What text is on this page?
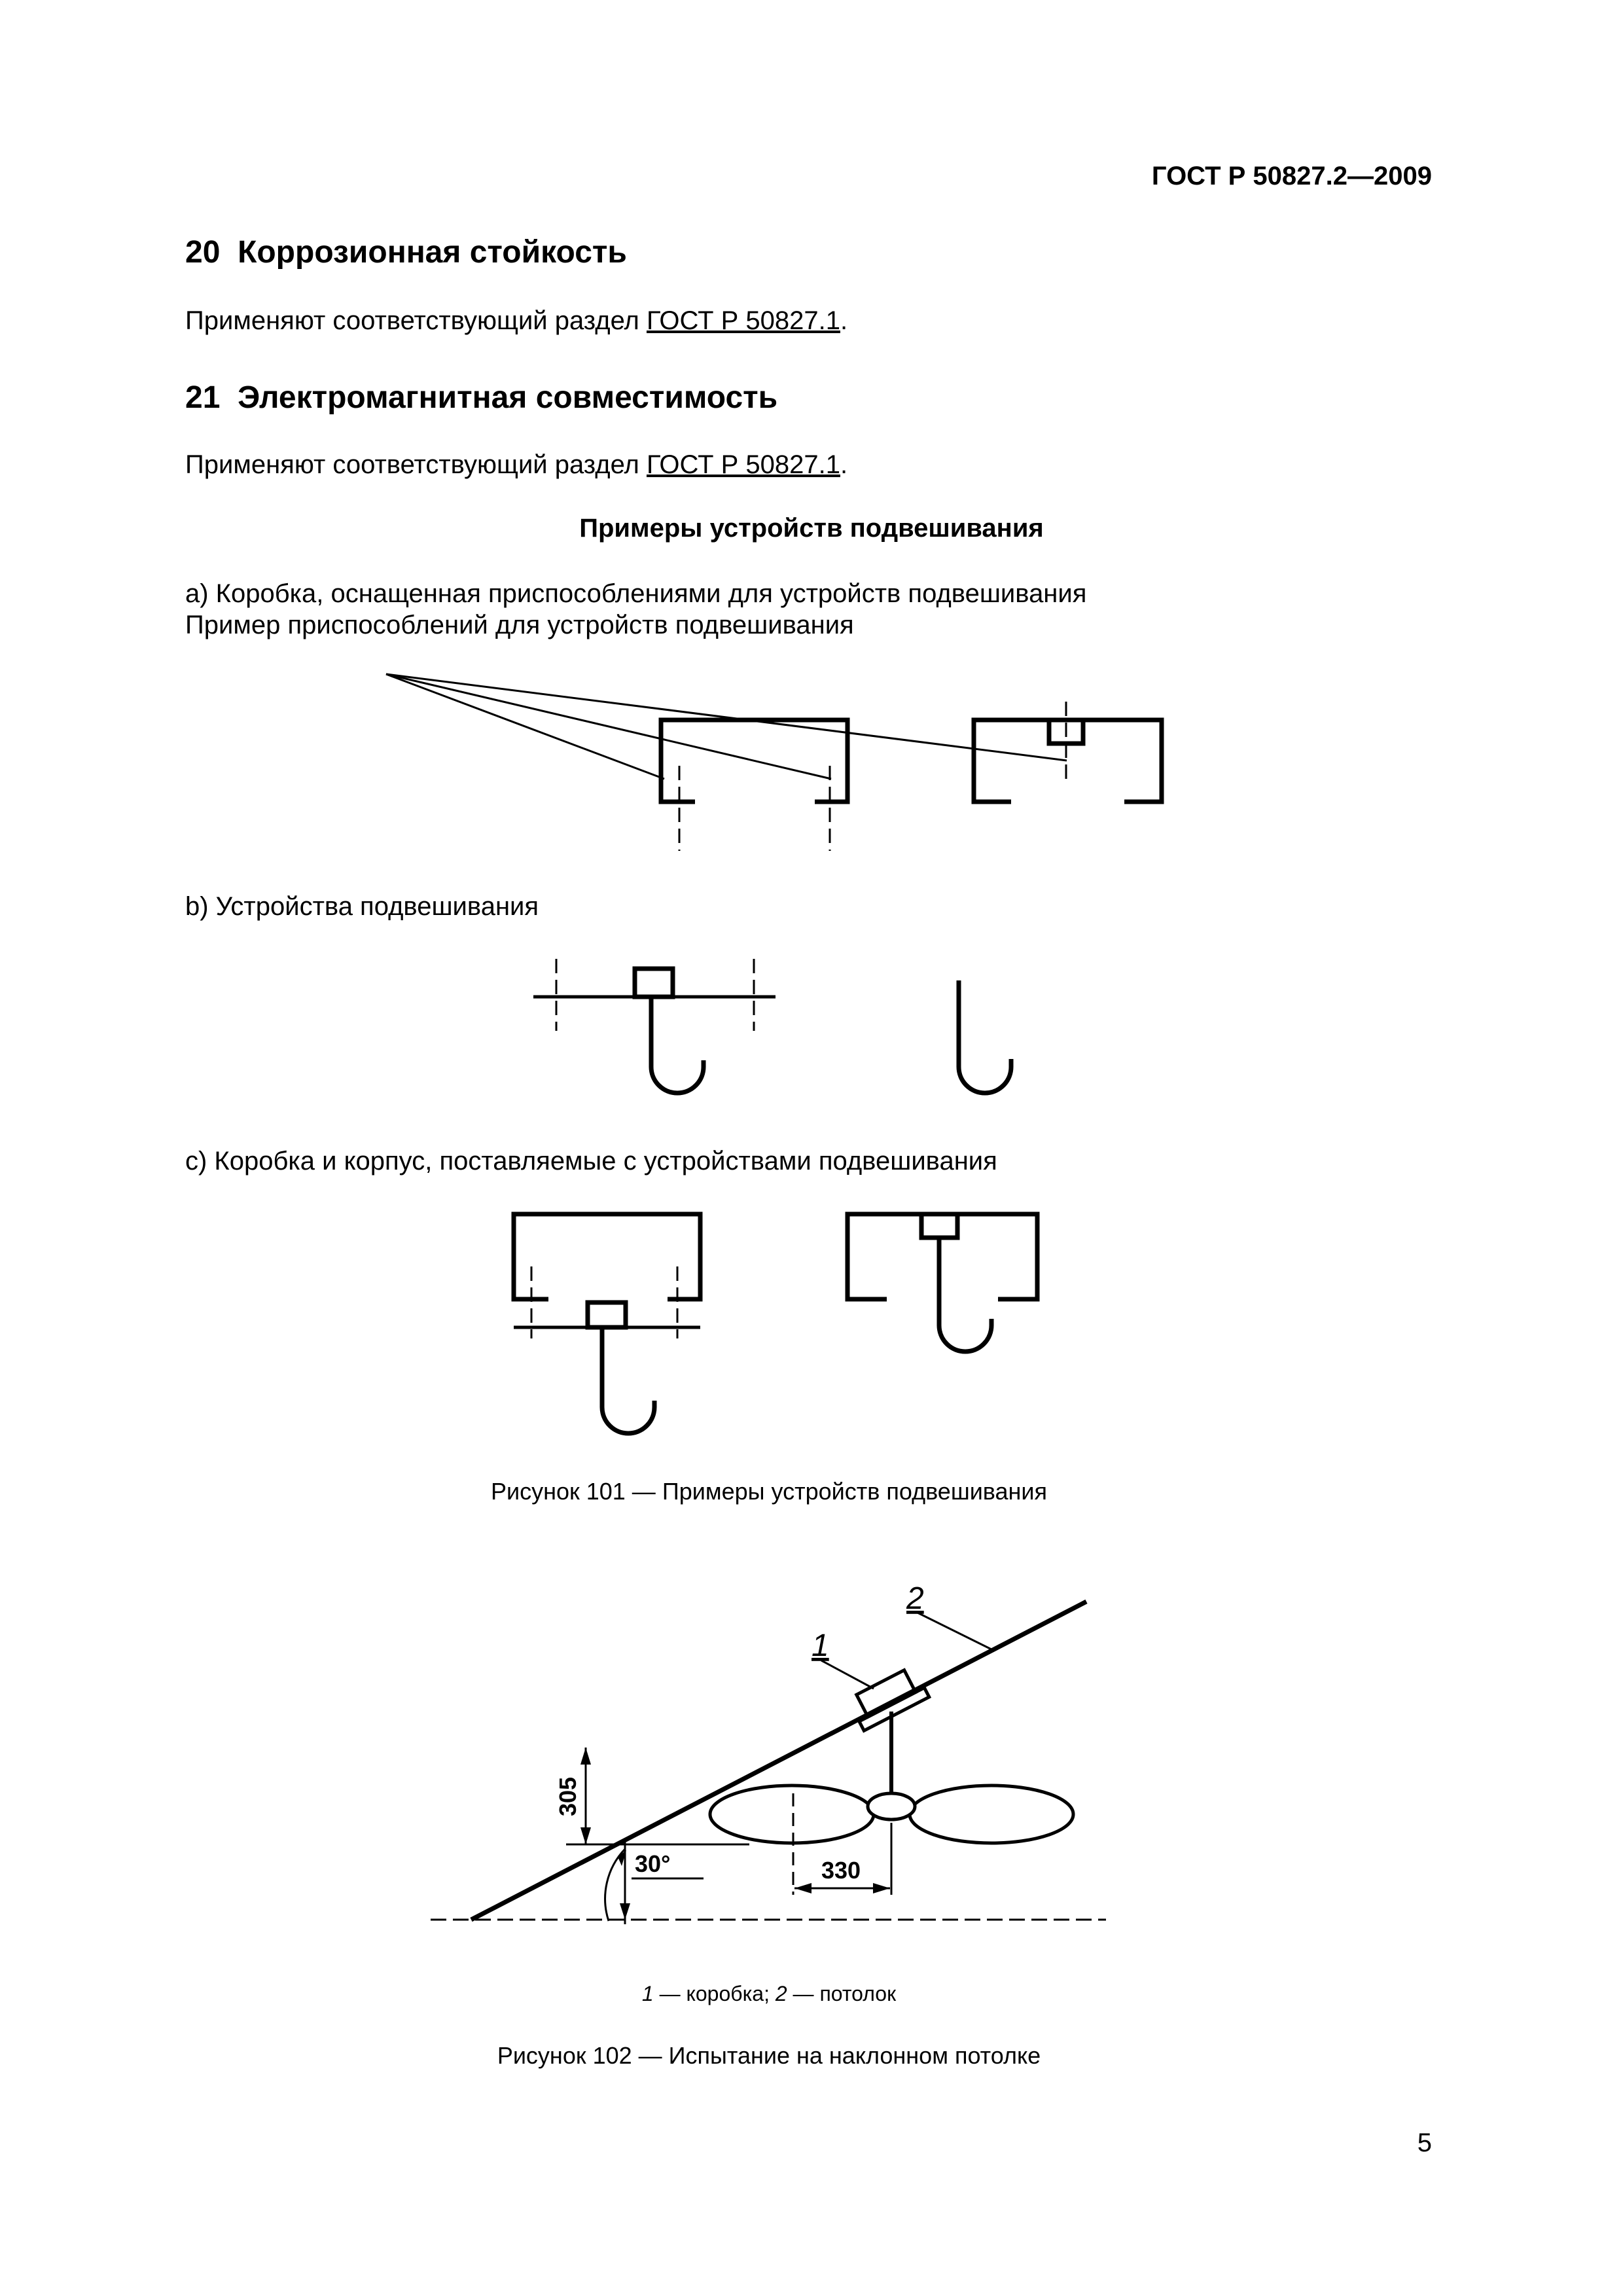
ГОСТ Р 50827.2—2009
20 Коррозионная стойкость
Применяют соответствующий раздел ГОСТ Р 50827.1.
21 Электромагнитная совместимость
Применяют соответствующий раздел ГОСТ Р 50827.1.
Примеры устройств подвешивания
a) Коробка, оснащенная приспособлениями для устройств подвешивания
Пример приспособлений для устройств подвешивания
b) Устройства подвешивания
c) Коробка и корпус, поставляемые с устройствами подвешивания
Рисунок 101 — Примеры устройств подвешивания
2
1
330
305
30°
1 — коробка; 2 — потолок
Рисунок 102 — Испытание на наклонном потолке
5
